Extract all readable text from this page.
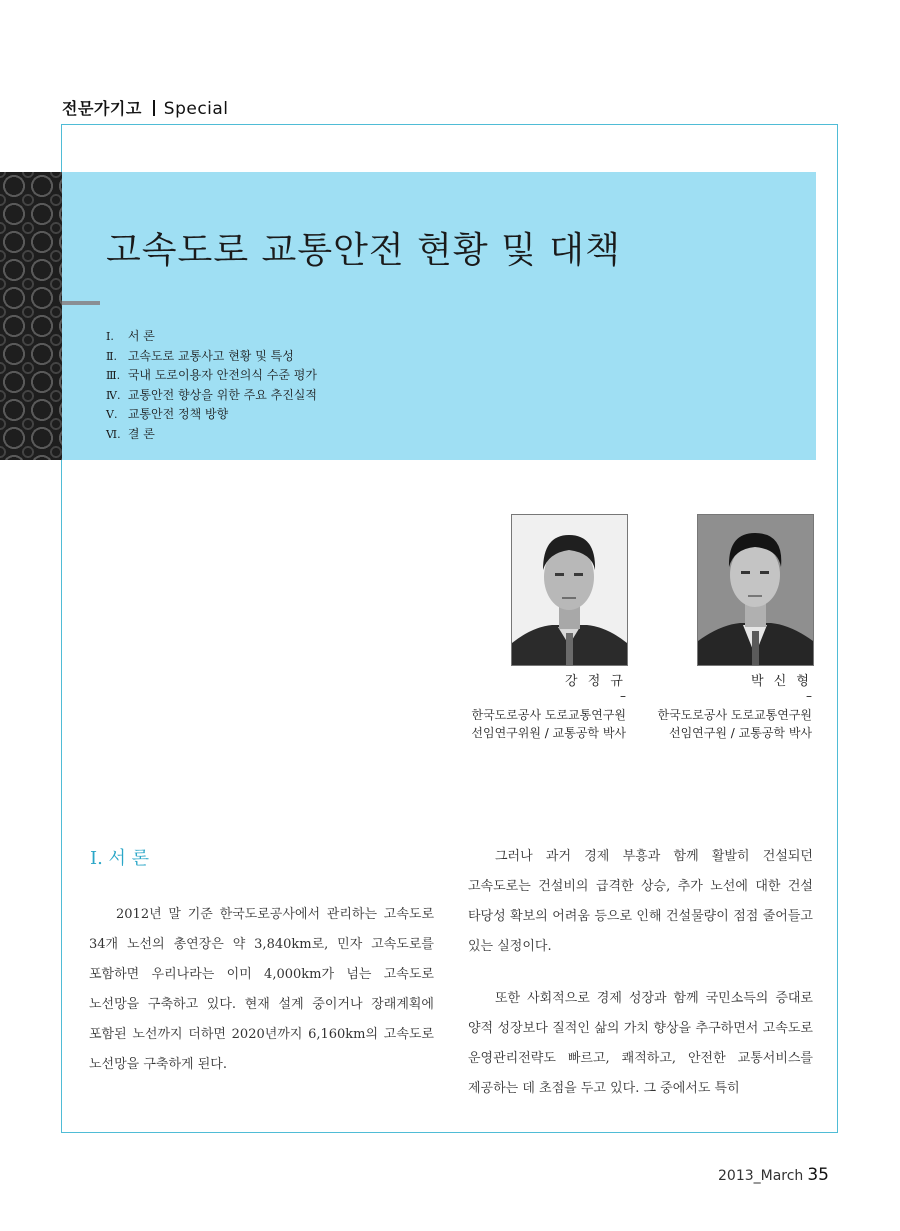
전문가기고 Special
고속도로 교통안전 현황 및 대책
Ⅰ. 서 론
Ⅱ. 고속도로 교통사고 현황 및 특성
Ⅲ. 국내 도로이용자 안전의식 수준 평가
Ⅳ. 교통안전 향상을 위한 주요 추진실적
Ⅴ. 교통안전 정책 방향
Ⅵ. 결 론
강 정 규
–
한국도로공사 도로교통연구원
선임연구위원 / 교통공학 박사
박 신 형
–
한국도로공사 도로교통연구원
선임연구원 / 교통공학 박사
I. 서 론

2012년 말 기준 한국도로공사에서 관리하는 고속도로 34개 노선의 총연장은 약 3,840km로, 민자 고속도로를 포함하면 우리나라는 이미 4,000km가 넘는 고속도로 노선망을 구축하고 있다. 현재 설계 중이거나 장래계획에 포함된 노선까지 더하면 2020년까지 6,160km의 고속도로 노선망을 구축하게 된다.

그러나 과거 경제 부흥과 함께 활발히 건설되던 고속도로는 건설비의 급격한 상승, 추가 노선에 대한 건설 타당성 확보의 어려움 등으로 인해 건설물량이 점점 줄어들고 있는 실정이다.

또한 사회적으로 경제 성장과 함께 국민소득의 증대로 양적 성장보다 질적인 삶의 가치 향상을 추구하면서 고속도로 운영관리전략도 빠르고, 쾌적하고, 안전한 교통서비스를 제공하는 데 초점을 두고 있다. 그 중에서도 특히

2013_March 35
